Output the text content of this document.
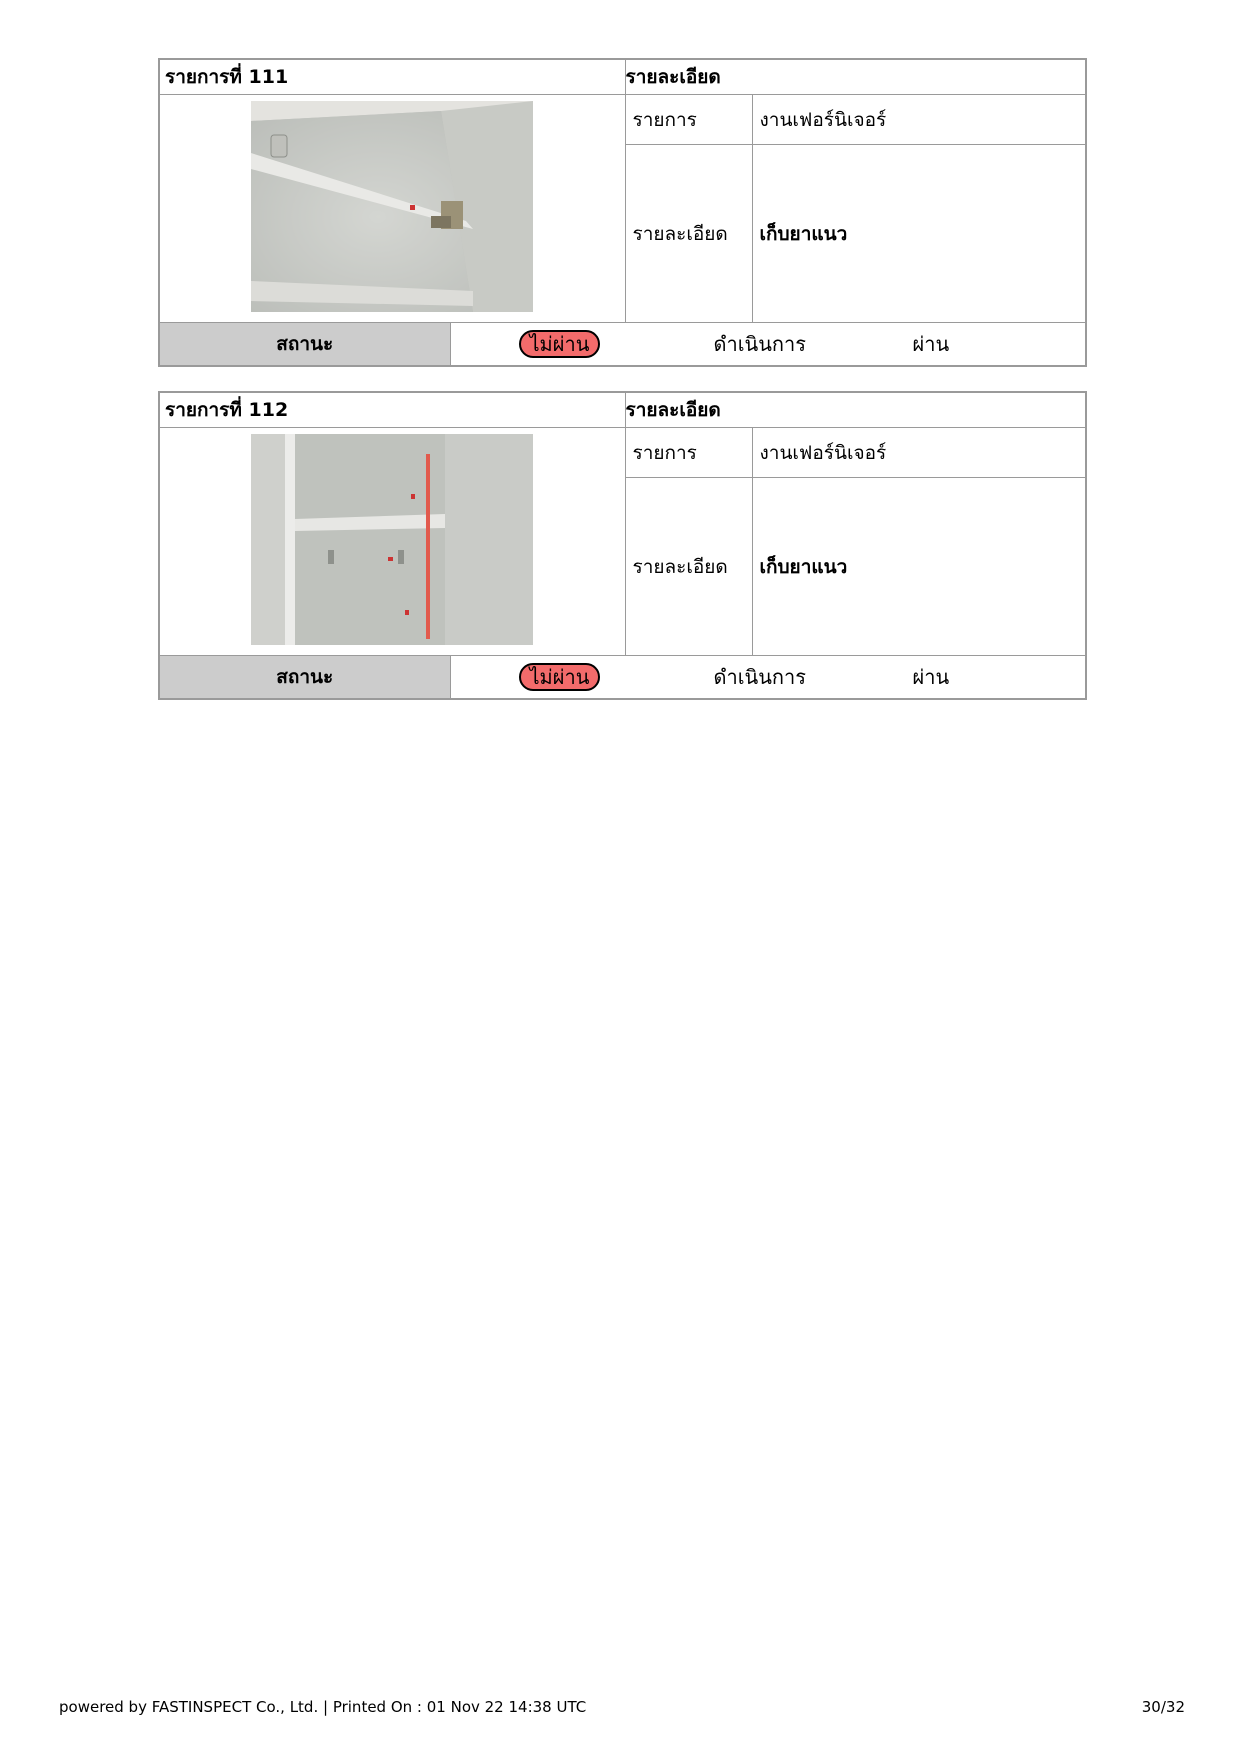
รายการที่ 111		รายละเอียด	
	รายการ	งานเฟอร์นิเจอร์
		รายละเอียด	เก็บยาแนว
สถานะ	ไม่ผ่าน ดำเนินการ ผ่าน		
รายการที่ 112		รายละเอียด	
	รายการ	งานเฟอร์นิเจอร์
		รายละเอียด	เก็บยาแนว
สถานะ	ไม่ผ่าน ดำเนินการ ผ่าน		
powered by FASTINSPECT Co., Ltd. | Printed On : 01 Nov 22 14:38 UTC	30/32
